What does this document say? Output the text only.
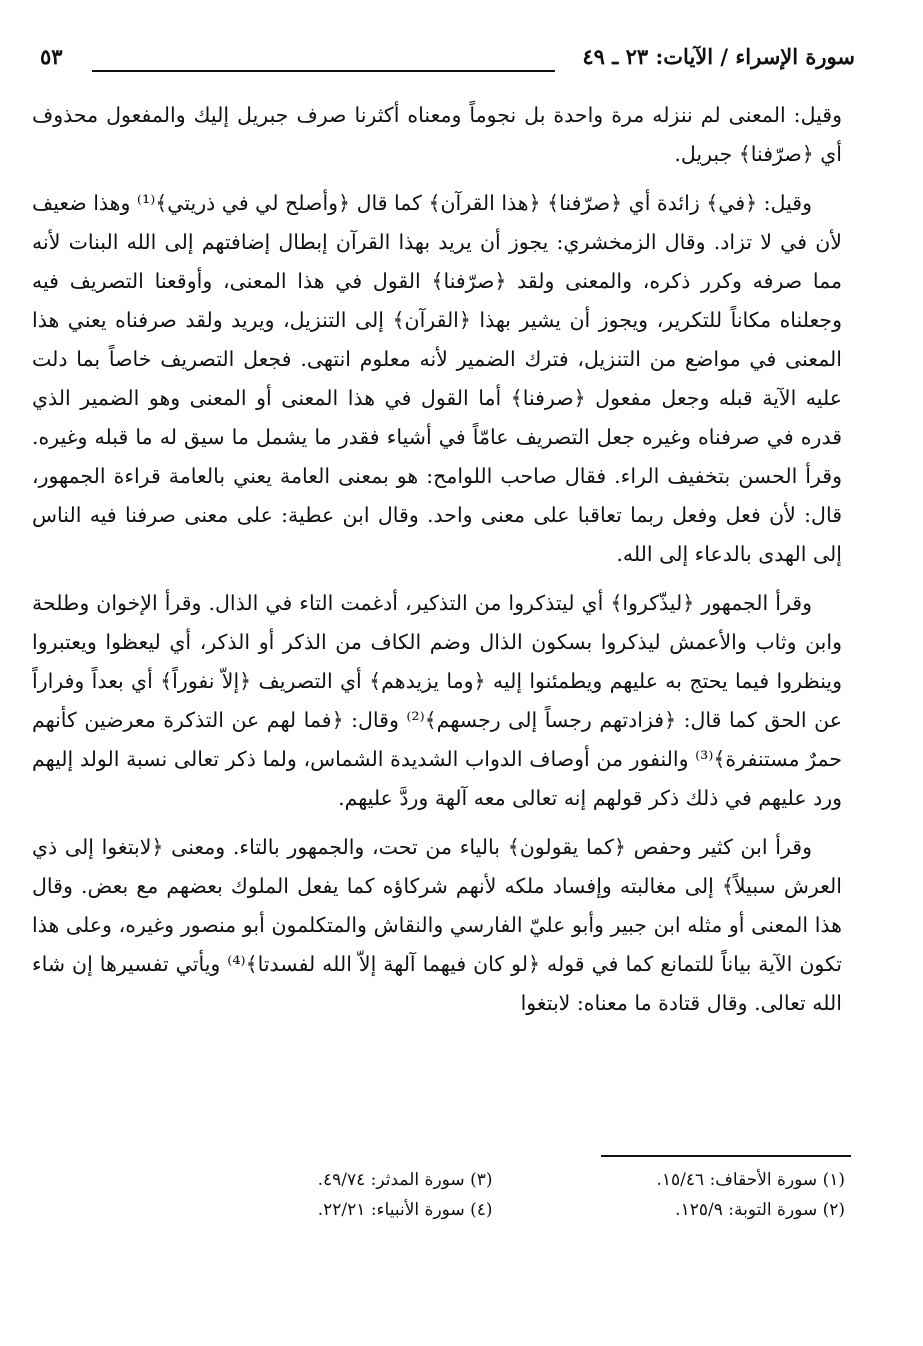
سورة الإسراء / الآيات: ٢٣ ـ ٤٩
٥٣

وقيل: المعنى لم ننزله مرة واحدة بل نجوماً ومعناه أكثرنا صرف جبريل إليك والمفعول محذوف أي ﴿صرّفنا﴾ جبريل.

وقيل: ﴿في﴾ زائدة أي ﴿صرّفنا﴾ ﴿هذا القرآن﴾ كما قال ﴿وأصلح لي في ذريتي﴾⁽¹⁾ وهذا ضعيف لأن في لا تزاد. وقال الزمخشري: يجوز أن يريد بهذا القرآن إبطال إضافتهم إلى الله البنات لأنه مما صرفه وكرر ذكره، والمعنى ولقد ﴿صرّفنا﴾ القول في هذا المعنى، وأوقعنا التصريف فيه وجعلناه مكاناً للتكرير، ويجوز أن يشير بهذا ﴿القرآن﴾ إلى التنزيل، ويريد ولقد صرفناه يعني هذا المعنى في مواضع من التنزيل، فترك الضمير لأنه معلوم انتهى. فجعل التصريف خاصاً بما دلت عليه الآية قبله وجعل مفعول ﴿صرفنا﴾ أما القول في هذا المعنى أو المعنى وهو الضمير الذي قدره في صرفناه وغيره جعل التصريف عامّاً في أشياء فقدر ما يشمل ما سيق له ما قبله وغيره. وقرأ الحسن بتخفيف الراء. فقال صاحب اللوامح: هو بمعنى العامة يعني بالعامة قراءة الجمهور، قال: لأن فعل وفعل ربما تعاقبا على معنى واحد. وقال ابن عطية: على معنى صرفنا فيه الناس إلى الهدى بالدعاء إلى الله.

وقرأ الجمهور ﴿ليذّكروا﴾ أي ليتذكروا من التذكير، أدغمت التاء في الذال. وقرأ الإخوان وطلحة وابن وثاب والأعمش ليذكروا بسكون الذال وضم الكاف من الذكر أو الذكر، أي ليعظوا ويعتبروا وينظروا فيما يحتج به عليهم ويطمئنوا إليه ﴿وما يزيدهم﴾ أي التصريف ﴿إلاّ نفوراً﴾ أي بعداً وفراراً عن الحق كما قال: ﴿فزادتهم رجساً إلى رجسهم﴾⁽²⁾ وقال: ﴿فما لهم عن التذكرة معرضين كأنهم حمرٌ مستنفرة﴾⁽³⁾ والنفور من أوصاف الدواب الشديدة الشماس، ولما ذكر تعالى نسبة الولد إليهم ورد عليهم في ذلك ذكر قولهم إنه تعالى معه آلهة وردَّ عليهم.

وقرأ ابن كثير وحفص ﴿كما يقولون﴾ بالياء من تحت، والجمهور بالتاء. ومعنى ﴿لابتغوا إلى ذي العرش سبيلاً﴾ إلى مغالبته وإفساد ملكه لأنهم شركاؤه كما يفعل الملوك بعضهم مع بعض. وقال هذا المعنى أو مثله ابن جبير وأبو عليّ الفارسي والنقاش والمتكلمون أبو منصور وغيره، وعلى هذا تكون الآية بياناً للتمانع كما في قوله ﴿لو كان فيهما آلهة إلاّ الله لفسدتا﴾⁽⁴⁾ ويأتي تفسيرها إن شاء الله تعالى. وقال قتادة ما معناه: لابتغوا

(١) سورة الأحقاف: ١٥/٤٦.
(٣) سورة المدثر: ٤٩/٧٤.
(٢) سورة التوبة: ١٢٥/٩.
(٤) سورة الأنبياء: ٢٢/٢١.
